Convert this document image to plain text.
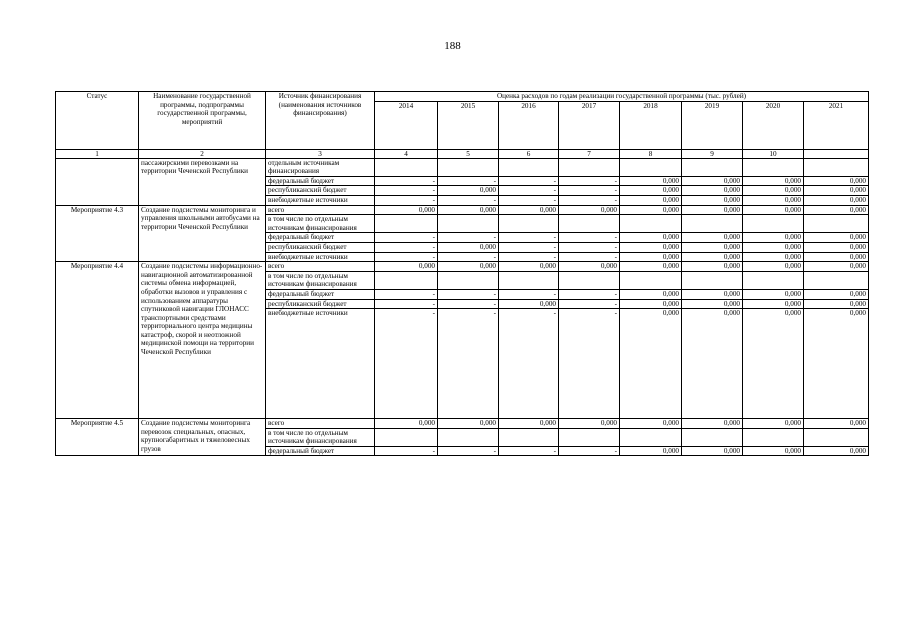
188
Статус	Наименование государственной программы, подпрограммы государственной программы, мероприятий	Источник финансирования (наименования источников финансирования)	Оценка расходов по годам реализации государственной программы (тыс. рублей)							
			2014	2015	2016	2017	2018	2019	2020	2021
1	2	3	4	5	6	7	8	9	10	
	пассажирскими перевозками на территории Чеченской Республики	отдельным источникам финансирования								
		федеральный бюджет	-	-	-	-	0,000	0,000	0,000	0,000
		республиканский бюджет	-	0,000	-	-	0,000	0,000	0,000	0,000
		внебюджетные источники	-	-	-	-	0,000	0,000	0,000	0,000
Мероприятие 4.3	Создание подсистемы мониторинга и управления школьными автобусами на территории Чеченской Республики	всего	0,000	0,000	0,000	0,000	0,000	0,000	0,000	0,000
		в том числе по отдельным источникам финансирования								
		федеральный бюджет	-	-	-	-	0,000	0,000	0,000	0,000
		республиканский бюджет	-	0,000	-	-	0,000	0,000	0,000	0,000
		внебюджетные источники	-	-	-	-	0,000	0,000	0,000	0,000
Мероприятие 4.4	Создание подсистемы информационно-навигационной автоматизированной системы обмена информацией, обработки вызовов и управления с использованием аппаратуры спутниковой навигации ГЛОНАСС транспортными средствами территориального центра медицины катастроф, скорой и неотложной медицинской помощи на территории Чеченской Республики	всего	0,000	0,000	0,000	0,000	0,000	0,000	0,000	0,000
		в том числе по отдельным источникам финансирования								
		федеральный бюджет	-	-	-	-	0,000	0,000	0,000	0,000
		республиканский бюджет	-	-	0,000	-	0,000	0,000	0,000	0,000
		внебюджетные источники	-	-	-	-	0,000	0,000	0,000	0,000
Мероприятие 4.5	Создание подсистемы мониторинга перевозок специальных, опасных, крупногабаритных и тяжеловесных грузов	всего	0,000	0,000	0,000	0,000	0,000	0,000	0,000	0,000
		в том числе по отдельным источникам финансирования								
		федеральный бюджет	-	-	-	-	0,000	0,000	0,000	0,000
